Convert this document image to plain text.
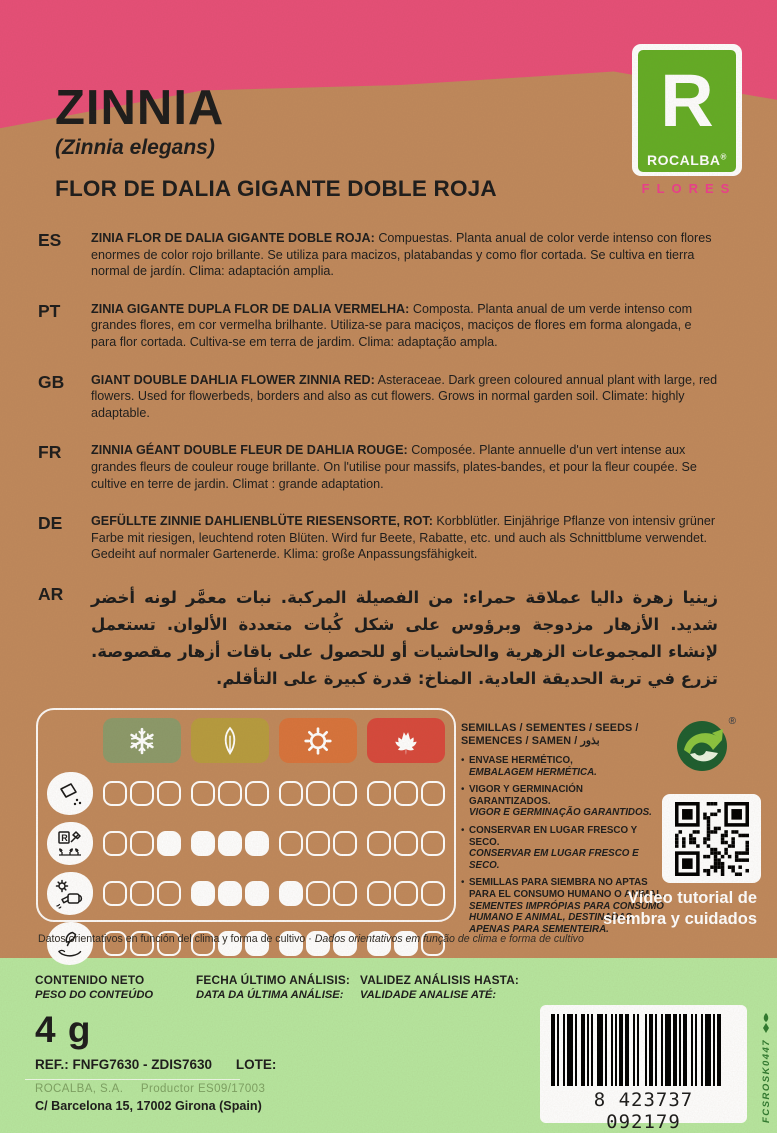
ZINNIA
(Zinnia elegans)
FLOR DE DALIA GIGANTE DOBLE ROJA
R
ROCALBA®
FLORES
ES	ZINIA FLOR DE DALIA GIGANTE DOBLE ROJA: Compuestas. Planta anual de color verde intenso con flores enormes de color rojo brillante. Se utiliza para macizos, platabandas y como flor cortada. Se cultiva en tierra normal de jardín. Clima: adaptación amplia.
PT	ZINIA GIGANTE DUPLA FLOR DE DALIA VERMELHA: Composta. Planta anual de um verde intenso com grandes flores, em cor vermelha brilhante. Utiliza-se para maciços, maciços de flores em forma alongada, e para flor cortada. Cultiva-se em terra de jardim. Clima: adaptação ampla.
GB	GIANT DOUBLE DAHLIA FLOWER ZINNIA RED: Asteraceae. Dark green coloured annual plant with large, red flowers. Used for flowerbeds, borders and also as cut flowers. Grows in normal garden soil. Climate: highly adaptable.
FR	ZINNIA GÉANT DOUBLE FLEUR DE DAHLIA ROUGE: Composée. Plante annuelle d'un vert intense aux grandes fleurs de couleur rouge brillante. On l'utilise pour massifs, plates-bandes, et pour la fleur coupée. Se cultive en terre de jardin. Climat : grande adaptation.
DE	GEFÜLLTE ZINNIE DAHLIENBLÜTE RIESENSORTE, ROT: Korbblütler. Einjährige Pflanze von intensiv grüner Farbe mit riesigen, leuchtend roten Blüten. Wird fur Beete, Rabatte, etc. und auch als Schnittblume verwendet. Gedeiht auf normaler Gartenerde. Klima: große Anpassungsfähigkeit.
AR	زينيا زهرة داليا عملاقة حمراء: من الفصيلة المركبة. نبات معمَّر لونه أخضر شديد. الأزهار مزدوجة وبرؤوس على شكل كُبات متعددة الألوان. تستعمل لإنشاء المجموعات الزهرية والحاشيات أو للحصول على باقات أزهار مقصوصة. تزرع في تربة الحديقة العادية. المناخ: قدرة كبيرة على التأقلم.
R
SEMILLAS / SEMENTES / SEEDS /
SEMENCES / SAMEN / بذور
• ENVASE HERMÉTICO,
EMBALAGEM HERMÉTICA.
• VIGOR Y GERMINACIÓN GARANTIZADOS.
VIGOR E GERMINAÇÃO GARANTIDOS.
• CONSERVAR EN LUGAR FRESCO Y SECO.
CONSERVAR EM LUGAR FRESCO E SECO.
• SEMILLAS PARA SIEMBRA NO APTAS PARA EL CONSUMO HUMANO O ANIMAL.
SEMENTES IMPRÓPIAS PARA CONSUMO HUMANO E ANIMAL, DESTINADAS APENAS PARA SEMENTEIRA.
®
Vídeo tutorial de
siembra y cuidados
Datos orientativos en función del clima y forma de cultivo · Dados orientativos em função de clima e forma de cultivo
CONTENIDO NETO
PESO DO CONTEÚDO
4 g
FECHA ÚLTIMO ANÁLISIS:
DATA DA ÚLTIMA ANÁLISE:
VALIDEZ ANÁLISIS HASTA:
VALIDADE ANALISE ATÉ:
REF.: FNFG7630 - ZDIS7630 LOTE:
ROCALBA, S.A. Productor ES09/17003
C/ Barcelona 15, 17002 Girona (Spain)	8 423737 092179	FCSROSK0447
